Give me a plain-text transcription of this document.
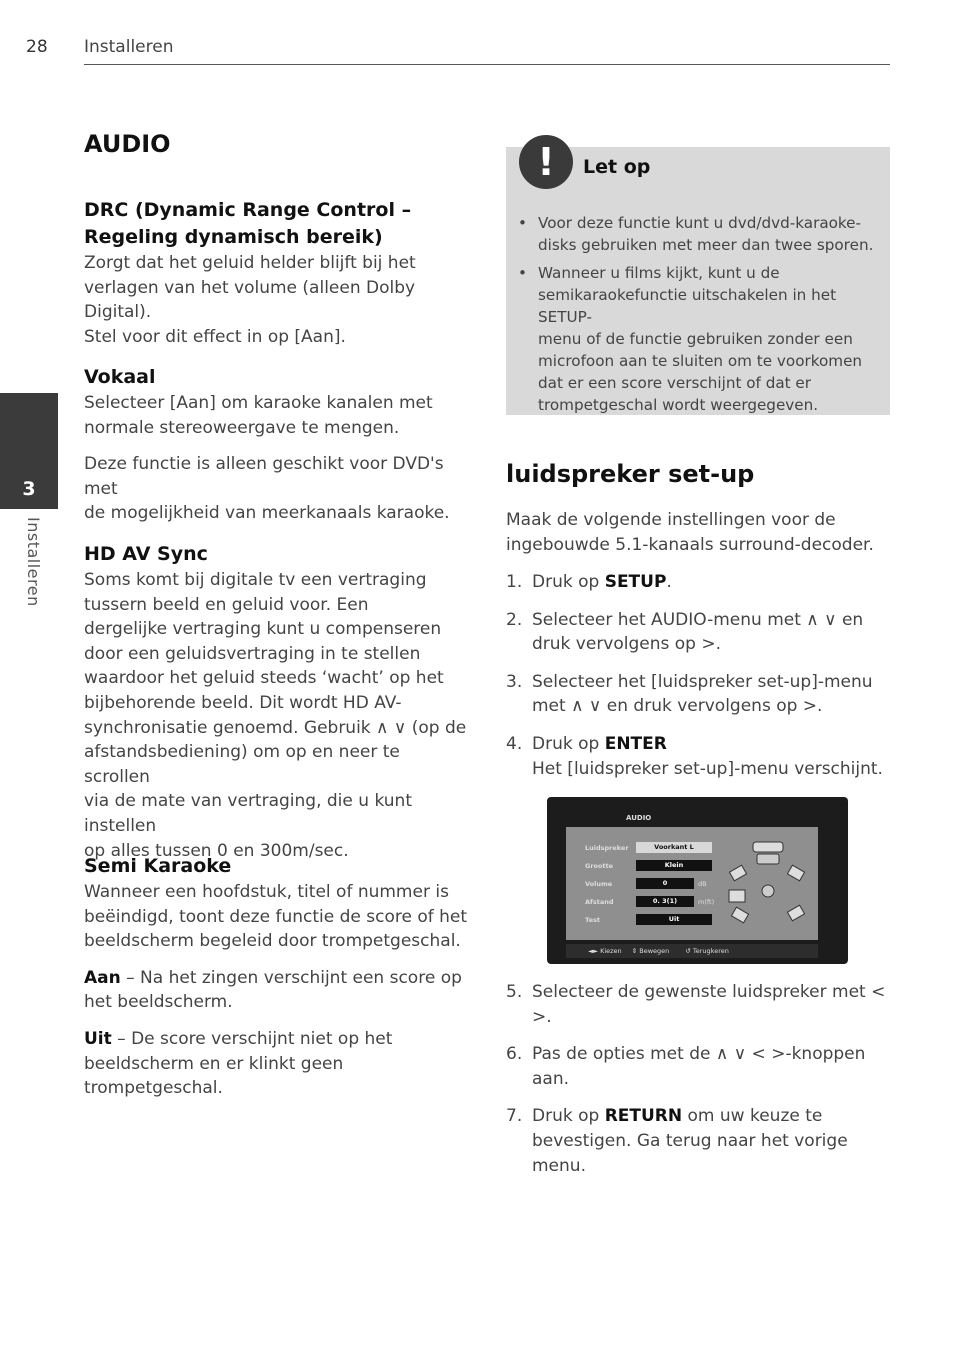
28 Installeren
3
Installeren
AUDIO
DRC (Dynamic Range Control –
Regeling dynamisch bereik)
Zorgt dat het geluid helder blijft bij het
verlagen van het volume (alleen Dolby Digital).
Stel voor dit effect in op [Aan].
Vokaal
Selecteer [Aan] om karaoke kanalen met
normale stereoweergave te mengen.
Deze functie is alleen geschikt voor DVD's met
de mogelijkheid van meerkanaals karaoke.
HD AV Sync
Soms komt bij digitale tv een vertraging
tussern beeld en geluid voor. Een
dergelijke vertraging kunt u compenseren
door een geluidsvertraging in te stellen
waardoor het geluid steeds ‘wacht’ op het
bijbehorende beeld. Dit wordt HD AV-
synchronisatie genoemd. Gebruik ∧ ∨ (op de
afstandsbediening) om op en neer te scrollen
via de mate van vertraging, die u kunt instellen
op alles tussen 0 en 300m/sec.
Semi Karaoke
Wanneer een hoofdstuk, titel of nummer is
beëindigd, toont deze functie de score of het
beeldscherm begeleid door trompetgeschal.
Aan – Na het zingen verschijnt een score op
het beeldscherm.
Uit – De score verschijnt niet op het
beeldscherm en er klinkt geen trompetgeschal.
!	Let op
• Voor deze functie kunt u dvd/dvd-karaoke-
disks gebruiken met meer dan twee sporen.
• Wanneer u films kijkt, kunt u de
semikaraokefunctie uitschakelen in het SETUP-
menu of de functie gebruiken zonder een
microfoon aan te sluiten om te voorkomen
dat er een score verschijnt of dat er
trompetgeschal wordt weergegeven.
luidspreker set-up
Maak de volgende instellingen voor de
ingebouwde 5.1-kanaals surround-decoder.
1. Druk op SETUP.
2. Selecteer het AUDIO-menu met ∧ ∨ en
druk vervolgens op >.
3. Selecteer het [luidspreker set-up]-menu
met ∧ ∨ en druk vervolgens op >.
4. Druk op ENTER
Het [luidspreker set-up]-menu verschijnt.
AUDIO
Luidspreker	Voorkant L
Grootte	Klein
Volume	0	dB
Afstand	0. 3(1)	m(ft)
Test	Uit
◄► Kiezen ⇕ Bewegen ↺ Terugkeren
5. Selecteer de gewenste luidspreker met < >.
6. Pas de opties met de ∧ ∨ < >-knoppen
aan.
7. Druk op RETURN om uw keuze te
bevestigen. Ga terug naar het vorige menu.
